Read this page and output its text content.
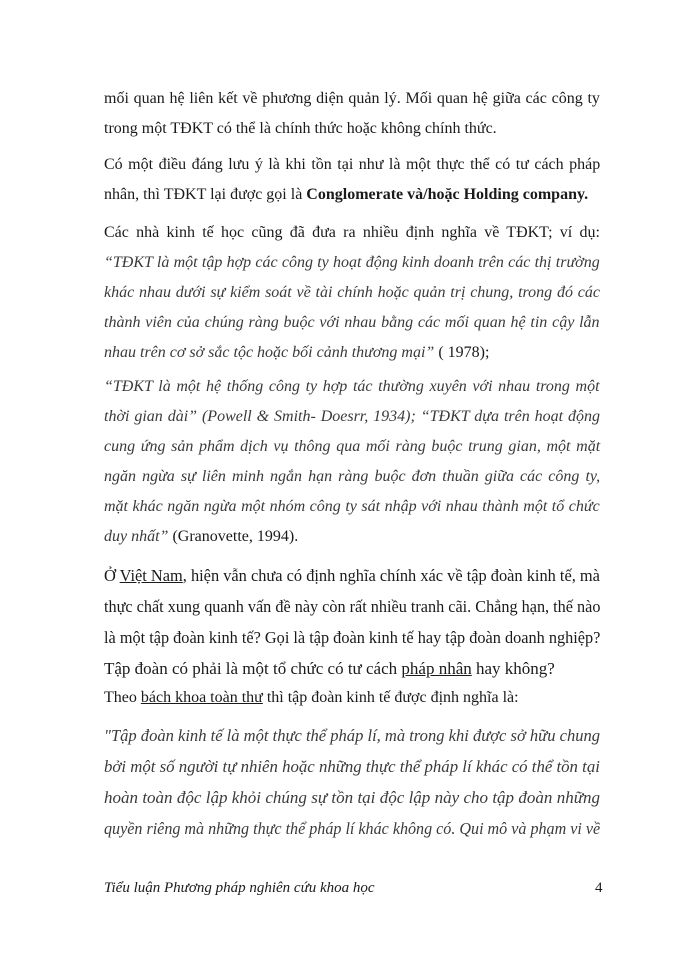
mối quan hệ liên kết về phương diện quản lý. Mối quan hệ giữa các công ty
trong một TĐKT có thể là chính thức hoặc không chính thức.

Có một điều đáng lưu ý là khi tồn tại như là một thực thể có tư cách pháp
nhân, thì TĐKT lại được gọi là Conglomerate và/hoặc Holding company.

Các nhà kinh tế học cũng đã đưa ra nhiều định nghĩa về TĐKT; ví dụ:
“TĐKT là một tập hợp các công ty hoạt động kinh doanh trên các thị trường
khác nhau dưới sự kiểm soát về tài chính hoặc quản trị chung, trong đó các
thành viên của chúng ràng buộc với nhau bằng các mối quan hệ tin cậy lẫn
nhau trên cơ sở sắc tộc hoặc bối cảnh thương mại” ( 1978);

“TĐKT là một hệ thống công ty hợp tác thường xuyên với nhau trong một
thời gian dài” (Powell & Smith- Doesrr, 1934); “TĐKT dựa trên hoạt động
cung ứng sản phẩm dịch vụ thông qua mối ràng buộc trung gian, một mặt
ngăn ngừa sự liên minh ngắn hạn ràng buộc đơn thuần giữa các công ty,
mặt khác ngăn ngừa một nhóm công ty sát nhập với nhau thành một tổ chức
duy nhất” (Granovette, 1994).

Ở Việt Nam, hiện vẫn chưa có định nghĩa chính xác về tập đoàn kinh tế, mà
thực chất xung quanh vấn đề này còn rất nhiều tranh cãi. Chẳng hạn, thế nào
là một tập đoàn kinh tế? Gọi là tập đoàn kinh tế hay tập đoàn doanh nghiệp?
Tập đoàn có phải là một tổ chức có tư cách pháp nhân hay không?

Theo bách khoa toàn thư thì tập đoàn kinh tế được định nghĩa là:

"Tập đoàn kinh tế là một thực thể pháp lí, mà trong khi được sở hữu chung
bởi một số người tự nhiên hoặc những thực thể pháp lí khác có thể tồn tại
hoàn toàn độc lập khỏi chúng sự tồn tại độc lập này cho tập đoàn những
quyền riêng mà những thực thể pháp lí khác không có. Qui mô và phạm vi về

Tiểu luận Phương pháp nghiên cứu khoa học	4
